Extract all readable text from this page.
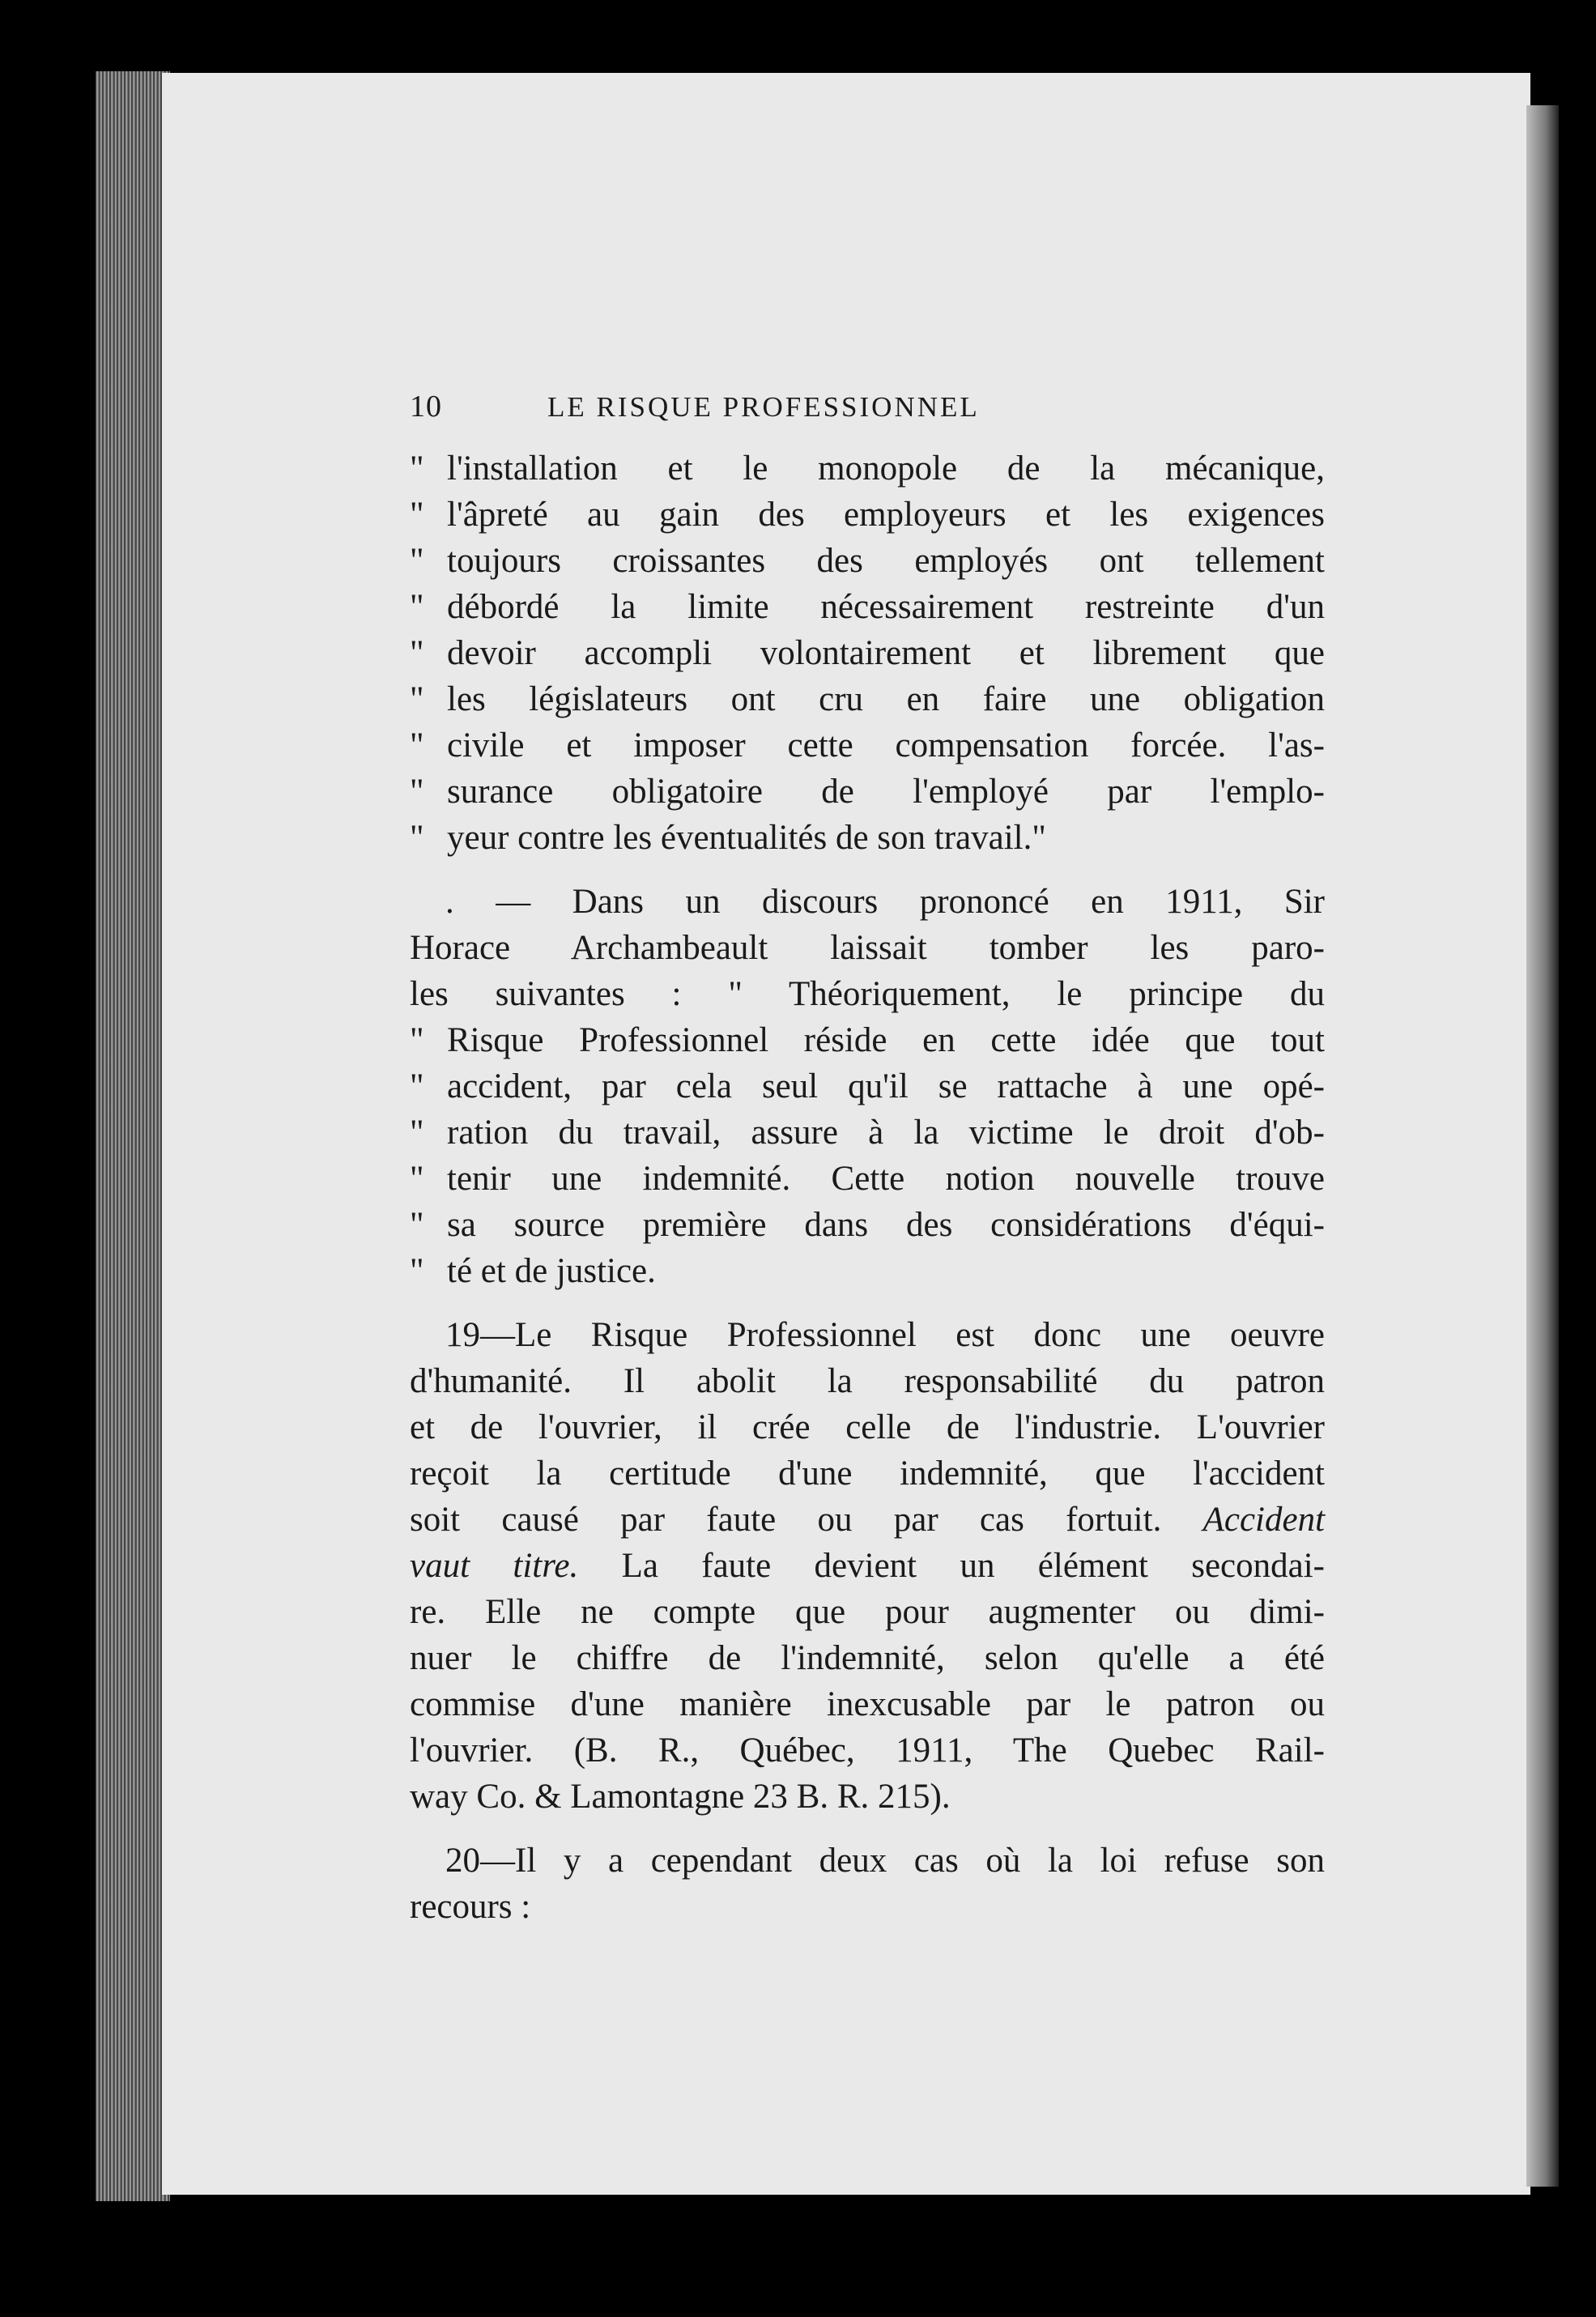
10	LE RISQUE PROFESSIONNEL
" l'installation et le monopole de la mécanique,
" l'âpreté au gain des employeurs et les exigences
" toujours croissantes des employés ont tellement
" débordé la limite nécessairement restreinte d'un
" devoir accompli volontairement et librement que
" les législateurs ont cru en faire une obligation
" civile et imposer cette compensation forcée. l'as-
" surance obligatoire de l'employé par l'emplo-
" yeur contre les éventualités de son travail."
. — Dans un discours prononcé en 1911, Sir
Horace Archambeault laissait tomber les paro-
les suivantes : " Théoriquement, le principe du
" Risque Professionnel réside en cette idée que tout
" accident, par cela seul qu'il se rattache à une opé-
" ration du travail, assure à la victime le droit d'ob-
" tenir une indemnité. Cette notion nouvelle trouve
" sa source première dans des considérations d'équi-
" té et de justice.
19—Le Risque Professionnel est donc une oeuvre
d'humanité. Il abolit la responsabilité du patron
et de l'ouvrier, il crée celle de l'industrie. L'ouvrier
reçoit la certitude d'une indemnité, que l'accident
soit causé par faute ou par cas fortuit. Accident
vaut titre. La faute devient un élément secondai-
re. Elle ne compte que pour augmenter ou dimi-
nuer le chiffre de l'indemnité, selon qu'elle a été
commise d'une manière inexcusable par le patron ou
l'ouvrier. (B. R., Québec, 1911, The Quebec Rail-
way Co. & Lamontagne 23 B. R. 215).
20—Il y a cependant deux cas où la loi refuse son
recours :
